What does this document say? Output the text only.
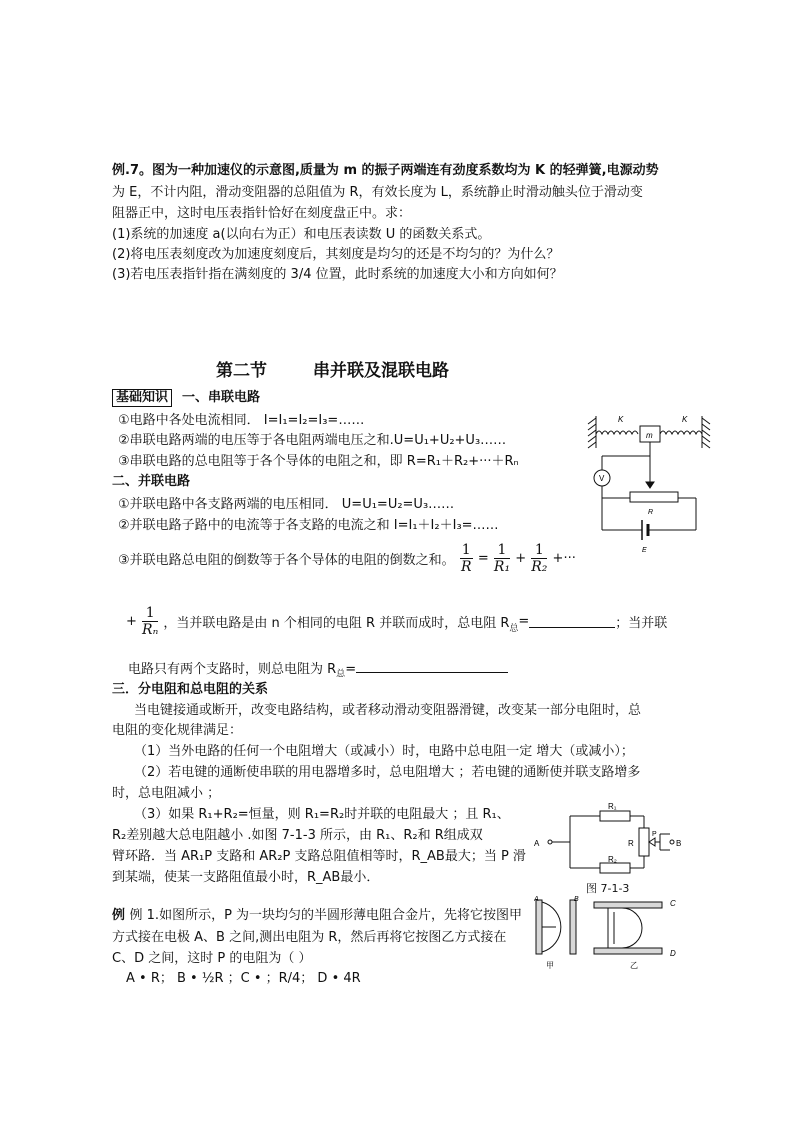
例.7。图为一种加速仪的示意图,质量为 m 的振子两端连有劲度系数均为 K 的轻弹簧,电源动势
为 E，不计内阻，滑动变阻器的总阻值为 R，有效长度为 L，系统静止时滑动触头位于滑动变
阻器正中，这时电压表指针恰好在刻度盘正中。求：
(1)系统的加速度 a(以向右为正）和电压表读数 U 的函数关系式。
(2)将电压表刻度改为加速度刻度后，其刻度是均匀的还是不均匀的？为什么？
(3)若电压表指针指在满刻度的 3/4 位置，此时系统的加速度大小和方向如何？
第二节	串并联及混联电路
基础知识 一、串联电路
①电路中各处电流相同． I=I₁=I₂=I₃=……
②串联电路两端的电压等于各电阻两端电压之和.U=U₁+U₂+U₃……
③串联电路的总电阻等于各个导体的电阻之和，即 R=R₁＋R₂+···＋Rₙ
二、并联电路
①并联电路中各支路两端的电压相同． U=U₁=U₂=U₃……
②并联电路子路中的电流等于各支路的电流之和 I=I₁＋I₂＋I₃=……
③并联电路总电阻的倒数等于各个导体的电阻的倒数之和。 $\frac{1}{R} = \frac{1}{\text{R₁}} + \frac{1}{\text{R₂}}$ +···
+ $\frac{1}{\text{Rₙ}}$ ，当并联电路是由 n 个相同的电阻 R 并联而成时，总电阻 $R_总=$	；当并联
电路只有两个支路时，则总电阻为 $R_总=$
三．分电阻和总电阻的关系
当电键接通或断开，改变电路结构，或者移动滑动变阻器滑键，改变某一部分电阻时，总
电阻的变化规律满足：
（1）当外电路的任何一个电阻增大（或减小）时，电路中总电阻一定 增大（或减小）；
（2）若电键的通断使串联的用电器增多时，总电阻增大 ；若电键的通断使并联支路增多
时，总电阻减小 ；
（3）如果 R₁+R₂=恒量，则 R₁=R₂时并联的电阻最大 ；且 R₁、
R₂差别越大总电阻越小 .如图 7-1-3 所示，由 R₁、R₂和 R组成双
臂环路．当 AR₁P 支路和 AR₂P 支路总阻值相等时，R_AB最大；当 P 滑
到某端，使某一支路阻值最小时，R_AB最小．
图 7-1-3
例 例 1.如图所示，P 为一块均匀的半圆形薄电阻合金片，先将它按图甲
方式接在电极 A、B 之间,测出电阻为 R，然后再将它按图乙方式接在
C、D 之间，这时 P 的电阻为（ ）
A • R； B • ½R ；C • ；R/4； D • 4R
K
m
K
V
R
E
R₁
R₂
R
A	B
P
A	B	C
D
甲	乙
